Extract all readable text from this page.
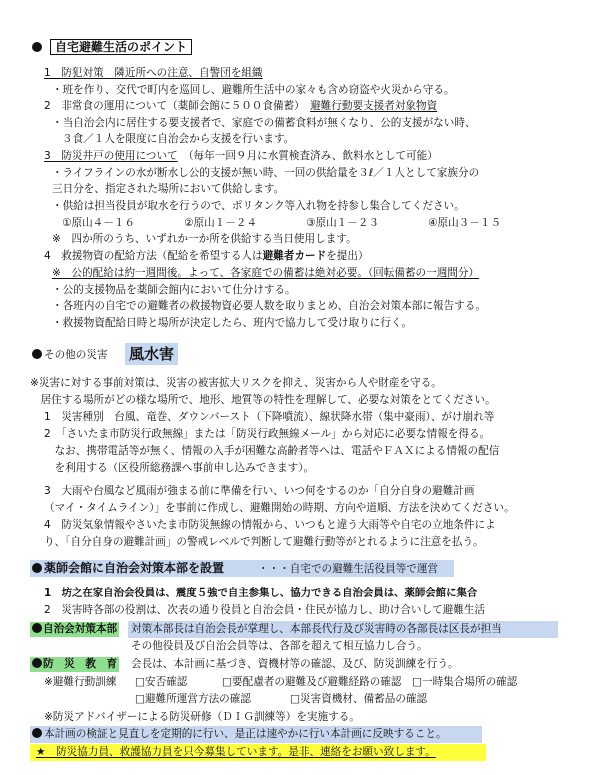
自宅避難生活のポイント
1　防犯対策　隣近所への注意、自警団を組織
・班を作り、交代で町内を巡回し、避難所生活中の家々も含め窃盗や火災から守る。
2　非常食の運用について（薬師会館に５００食備蓄）　 避難行動要支援者対象物資
・当自治会内に居住する要支援者で、家庭での備蓄食料が無くなり、公的支援がない時、
３食／１人を限度に自治会から支援を行います。
3　防災井戸の使用について　 （毎年一回９月に水質検査済み、飲料水として可能）
・ライフラインの水が断水し公的支援が無い時、一回の供給量を３ℓ／１人として家族分の
三日分を、指定された場所において供給します。
・供給は担当役員が取水を行うので、ポリタンク等入れ物を持参し集合してください。
①原山４－１６	②原山１－２４	③原山１－２３	④原山３－１５
※　四か所のうち、いずれか一か所を供給する当日使用します。
4　救援物資の配給方法（配給を希望する人は避難者カードを提出）
※　公的配給は約一週間後。よって、各家庭での備蓄は絶対必要。（回転備蓄の一週間分）
・公的支援物品を薬師会館内において仕分けする。
・各班内の自宅での避難者の救援物資必要人数を取りまとめ、自治会対策本部に報告する。
・救援物資配給日時と場所が決定したら、班内で協力して受け取りに行く。
その他の災害 風水害
※災害に対する事前対策は、災害の被害拡大リスクを抑え、災害から人や財産を守る。
　居住する場所がどの様な場所で、地形、地質等の特性を理解して、必要な対策をとてください。
1　災害種別　台風、竜巻、ダウンバースト（下降噴流）、線状降水帯（集中豪雨）、がけ崩れ等
2　「さいたま市防災行政無線」または「防災行政無線メール」から対応に必要な情報を得る。
　なお、携帯電話等が無く、情報の入手が困難な高齢者等へは、電話やＦＡＸによる情報の配信
　を利用する（区役所総務課へ事前申し込みできます）。
3　大雨や台風など風雨が強まる前に準備を行い、いつ何をするのか「自分自身の避難計画
（マイ・タイムライン）」を事前に作成し、避難開始の時期、方向や道順、方法を決めてください。
4　防災気象情報やさいたま市防災無線の情報から、いつもと違う大雨等や自宅の立地条件によ
り、「自分自身の避難計画」の警戒レベルで判断して避難行動等がとれるように注意を払う。
薬師会館に自治会対策本部を設置	・・・自宅での避難生活役員等で運営
1　坊之在家自治会役員は、震度５強で自主参集し、協力できる自治会員は、薬師会館に集合
2　災害時各部の役割は、次表の通り役員と自治会員・住民が協力し、助け合いして避難生活
自治会対策本部 対策本部長は自治会長が掌理し、本部長代行及び災害時の各部長は区長が担当
その他役員及び自治会員等は、各部を超えて相互協力し合う。
防　災　教　育 会長は、本計画に基づき、資機材等の確認、及び、防災訓練を行う。
※避難行動訓練 □安否確認	□要配慮者の避難及び避難経路の確認 □一時集合場所の確認
□避難所運営方法の確認	□災害資機材、備蓄品の確認
※防災アドバイザーによる防災研修（ＤＩＧ訓練等）を実施する。
本計画の検証と見直しを定期的に行い、是正は速やかに行い本計画に反映すること。
★　防災協力員、救護協力員を只今募集しています。是非、連絡をお願い致します。
